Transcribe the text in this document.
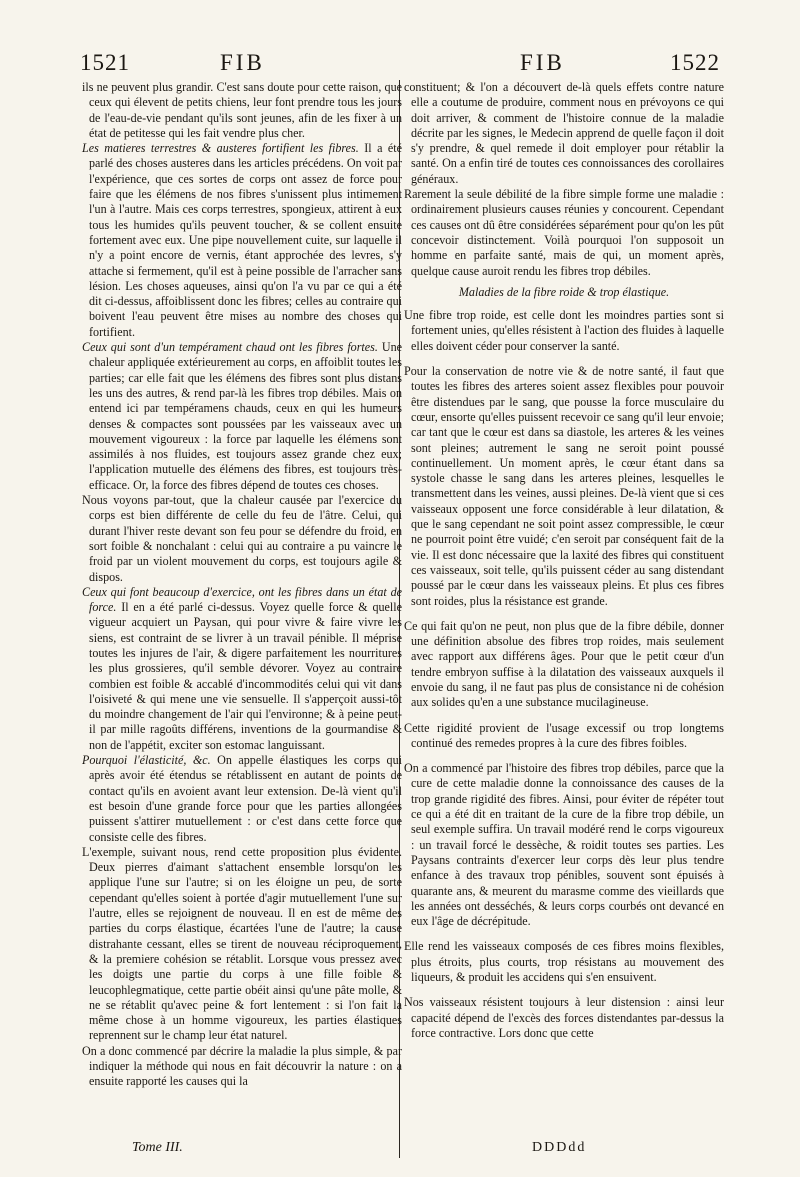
1521	FIB	FIB	1522

ils ne peuvent plus grandir. C'est sans doute pour cette raison, que ceux qui élevent de petits chiens, leur font prendre tous les jours de l'eau-de-vie pendant qu'ils sont jeunes, afin de les fixer à un état de petitesse qui les fait vendre plus cher.

Les matieres terrestres & austeres fortifient les fibres. Il a été parlé des choses austeres dans les articles précédens. On voit par l'expérience, que ces sortes de corps ont assez de force pour faire que les élémens de nos fibres s'unissent plus intimement l'un à l'autre. Mais ces corps terrestres, spongieux, attirent à eux tous les humides qu'ils peuvent toucher, & se collent ensuite fortement avec eux. Une pipe nouvellement cuite, sur laquelle il n'y a point encore de vernis, étant approchée des levres, s'y attache si fermement, qu'il est à peine possible de l'arracher sans lésion. Les choses aqueuses, ainsi qu'on l'a vu par ce qui a été dit ci-dessus, affoiblissent donc les fibres; celles au contraire qui boivent l'eau peuvent être mises au nombre des choses qui fortifient.

Ceux qui sont d'un tempérament chaud ont les fibres fortes. Une chaleur appliquée extérieurement au corps, en affoiblit toutes les parties; car elle fait que les élémens des fibres sont plus distans les uns des autres, & rend par-là les fibres trop débiles. Mais on entend ici par tempéramens chauds, ceux en qui les humeurs denses & compactes sont poussées par les vaisseaux avec un mouvement vigoureux : la force par laquelle les élémens sont assimilés à nos fluides, est toujours assez grande chez eux; l'application mutuelle des élémens des fibres, est toujours très-efficace. Or, la force des fibres dépend de toutes ces choses.

Nous voyons par-tout, que la chaleur causée par l'exercice du corps est bien différente de celle du feu de l'âtre. Celui, qui durant l'hiver reste devant son feu pour se défendre du froid, en sort foible & nonchalant : celui qui au contraire a pu vaincre le froid par un violent mouvement du corps, est toujours agile & dispos.

Ceux qui font beaucoup d'exercice, ont les fibres dans un état de force. Il en a été parlé ci-dessus. Voyez quelle force & quelle vigueur acquiert un Paysan, qui pour vivre & faire vivre les siens, est contraint de se livrer à un travail pénible. Il méprise toutes les injures de l'air, & digere parfaitement les nourritures les plus grossieres, qu'il semble dévorer. Voyez au contraire combien est foible & accablé d'incommodités celui qui vit dans l'oisiveté & qui mene une vie sensuelle. Il s'apperçoit aussi-tôt du moindre changement de l'air qui l'environne; & à peine peut-il par mille ragoûts différens, inventions de la gourmandise & non de l'appétit, exciter son estomac languissant.

Pourquoi l'élasticité, &c. On appelle élastiques les corps qui après avoir été étendus se rétablissent en autant de points de contact qu'ils en avoient avant leur extension. De-là vient qu'il est besoin d'une grande force pour que les parties allongées puissent s'attirer mutuellement : or c'est dans cette force que consiste celle des fibres.

L'exemple, suivant nous, rend cette proposition plus évidente. Deux pierres d'aimant s'attachent ensemble lorsqu'on les applique l'une sur l'autre; si on les éloigne un peu, de sorte cependant qu'elles soient à portée d'agir mutuellement l'une sur l'autre, elles se rejoignent de nouveau. Il en est de même des parties du corps élastique, écartées l'une de l'autre; la cause distrahante cessant, elles se tirent de nouveau réciproquement, & la premiere cohésion se rétablit. Lorsque vous pressez avec les doigts une partie du corps à une fille foible & leucophlegmatique, cette partie obéit ainsi qu'une pâte molle, & ne se rétablit qu'avec peine & fort lentement : si l'on fait la même chose à un homme vigoureux, les parties élastiques reprennent sur le champ leur état naturel.

On a donc commencé par décrire la maladie la plus simple, & par indiquer la méthode qui nous en fait découvrir la nature : on a ensuite rapporté les causes qui la

constituent; & l'on a découvert de-là quels effets contre nature elle a coutume de produire, comment nous en prévoyons ce qui doit arriver, & comment de l'histoire connue de la maladie décrite par les signes, le Medecin apprend de quelle façon il doit s'y prendre, & quel remede il doit employer pour rétablir la santé. On a enfin tiré de toutes ces connoissances des corollaires généraux.

Rarement la seule débilité de la fibre simple forme une maladie : ordinairement plusieurs causes réunies y concourent. Cependant ces causes ont dû être considérées séparément pour qu'on les pût concevoir distinctement. Voilà pourquoi l'on supposoit un homme en parfaite santé, mais de qui, un moment après, quelque cause auroit rendu les fibres trop débiles.

Maladies de la fibre roide & trop élastique.

Une fibre trop roide, est celle dont les moindres parties sont si fortement unies, qu'elles résistent à l'action des fluides à laquelle elles doivent céder pour conserver la santé.

Pour la conservation de notre vie & de notre santé, il faut que toutes les fibres des arteres soient assez flexibles pour pouvoir être distendues par le sang, que pousse la force musculaire du cœur, ensorte qu'elles puissent recevoir ce sang qu'il leur envoie; car tant que le cœur est dans sa diastole, les arteres & les veines sont pleines; autrement le sang ne seroit point poussé continuellement. Un moment après, le cœur étant dans sa systole chasse le sang dans les arteres pleines, lesquelles le transmettent dans les veines, aussi pleines. De-là vient que si ces vaisseaux opposent une force considérable à leur dilatation, & que le sang cependant ne soit point assez compressible, le cœur ne pourroit point être vuidé; c'en seroit par conséquent fait de la vie. Il est donc nécessaire que la laxité des fibres qui constituent ces vaisseaux, soit telle, qu'ils puissent céder au sang distendant poussé par le cœur dans les vaisseaux pleins. Et plus ces fibres sont roides, plus la résistance est grande.

Ce qui fait qu'on ne peut, non plus que de la fibre débile, donner une définition absolue des fibres trop roides, mais seulement avec rapport aux différens âges. Pour que le petit cœur d'un tendre embryon suffise à la dilatation des vaisseaux auxquels il envoie du sang, il ne faut pas plus de consistance ni de cohésion aux solides qu'en a une substance mucilagineuse.

Cette rigidité provient de l'usage excessif ou trop longtems continué des remedes propres à la cure des fibres foibles.

On a commencé par l'histoire des fibres trop débiles, parce que la cure de cette maladie donne la connoissance des causes de la trop grande rigidité des fibres. Ainsi, pour éviter de répéter tout ce qui a été dit en traitant de la cure de la fibre trop débile, un seul exemple suffira. Un travail modéré rend le corps vigoureux : un travail forcé le dessèche, & roidit toutes ses parties. Les Paysans contraints d'exercer leur corps dès leur plus tendre enfance à des travaux trop pénibles, souvent sont épuisés à quarante ans, & meurent du marasme comme des vieillards que les années ont desséchés, & leurs corps courbés ont devancé en eux l'âge de décrépitude.

Elle rend les vaisseaux composés de ces fibres moins flexibles, plus étroits, plus courts, trop résistans au mouvement des liqueurs, & produit les accidens qui s'en ensuivent.

Nos vaisseaux résistent toujours à leur distension : ainsi leur capacité dépend de l'excès des forces distendantes par-dessus la force contractive. Lors donc que cette

Tome III.	DDDdd
